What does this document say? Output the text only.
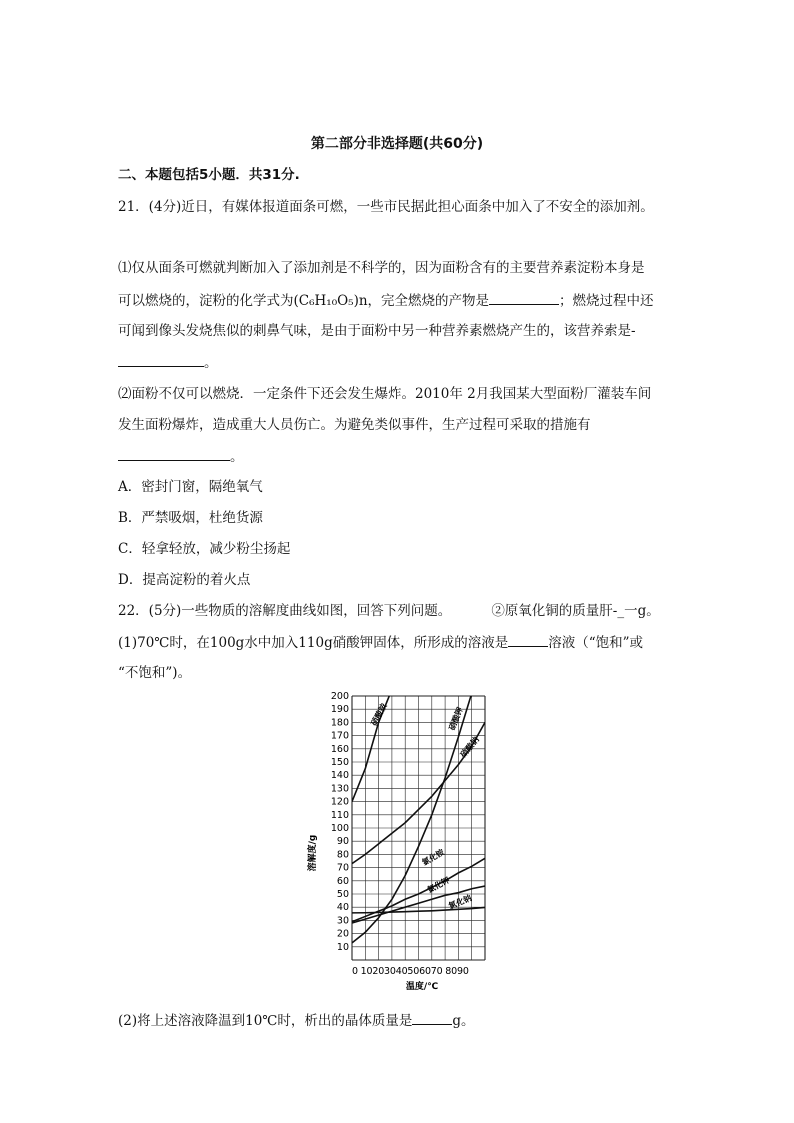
第二部分非选择题(共60分)
二、本题包括5小题．共31分.
21．(4分)近日，有媒体报道面条可燃，一些市民据此担心面条中加入了不安全的添加剂。
⑴仅从面条可燃就判断加入了添加剂是不科学的，因为面粉含有的主要营养素淀粉本身是
可以燃烧的，淀粉的化学式为(C₆H₁₀O₅)n，完全燃烧的产物是	；燃烧过程中还
可闻到像头发烧焦似的刺鼻气味，是由于面粉中另一种营养素燃烧产生的，该营养索是-
。
⑵面粉不仅可以燃烧．一定条件下还会发生爆炸。2010年 2月我国某大型面粉厂灌装车间
发生面粉爆炸，造成重大人员伤亡。为避免类似事件，生产过程可采取的措施有
。
A．密封门窗，隔绝氧气
B．严禁吸烟，杜绝货源
C．轻拿轻放，减少粉尘扬起
D．提高淀粉的着火点
22．(5分)一些物质的溶解度曲线如图，回答下列问题。	②原氧化铜的质量肝-_一g。
(1)70℃时，在100g水中加入110g硝酸钾固体，所形成的溶液是	溶液（“饱和”或
“不饱和”)。
10
20
30
40
50
60
70
80
90
100
110
120
130
140
150
160
170
180
190
200
硝酸铵	硝酸钾
硝酸钠
氯化铵
氯化钾
氯化钠
溶解度/g
0 10203040506070 8090
温度/℃
(2)将上述溶液降温到10℃时，析出的晶体质量是	g。
